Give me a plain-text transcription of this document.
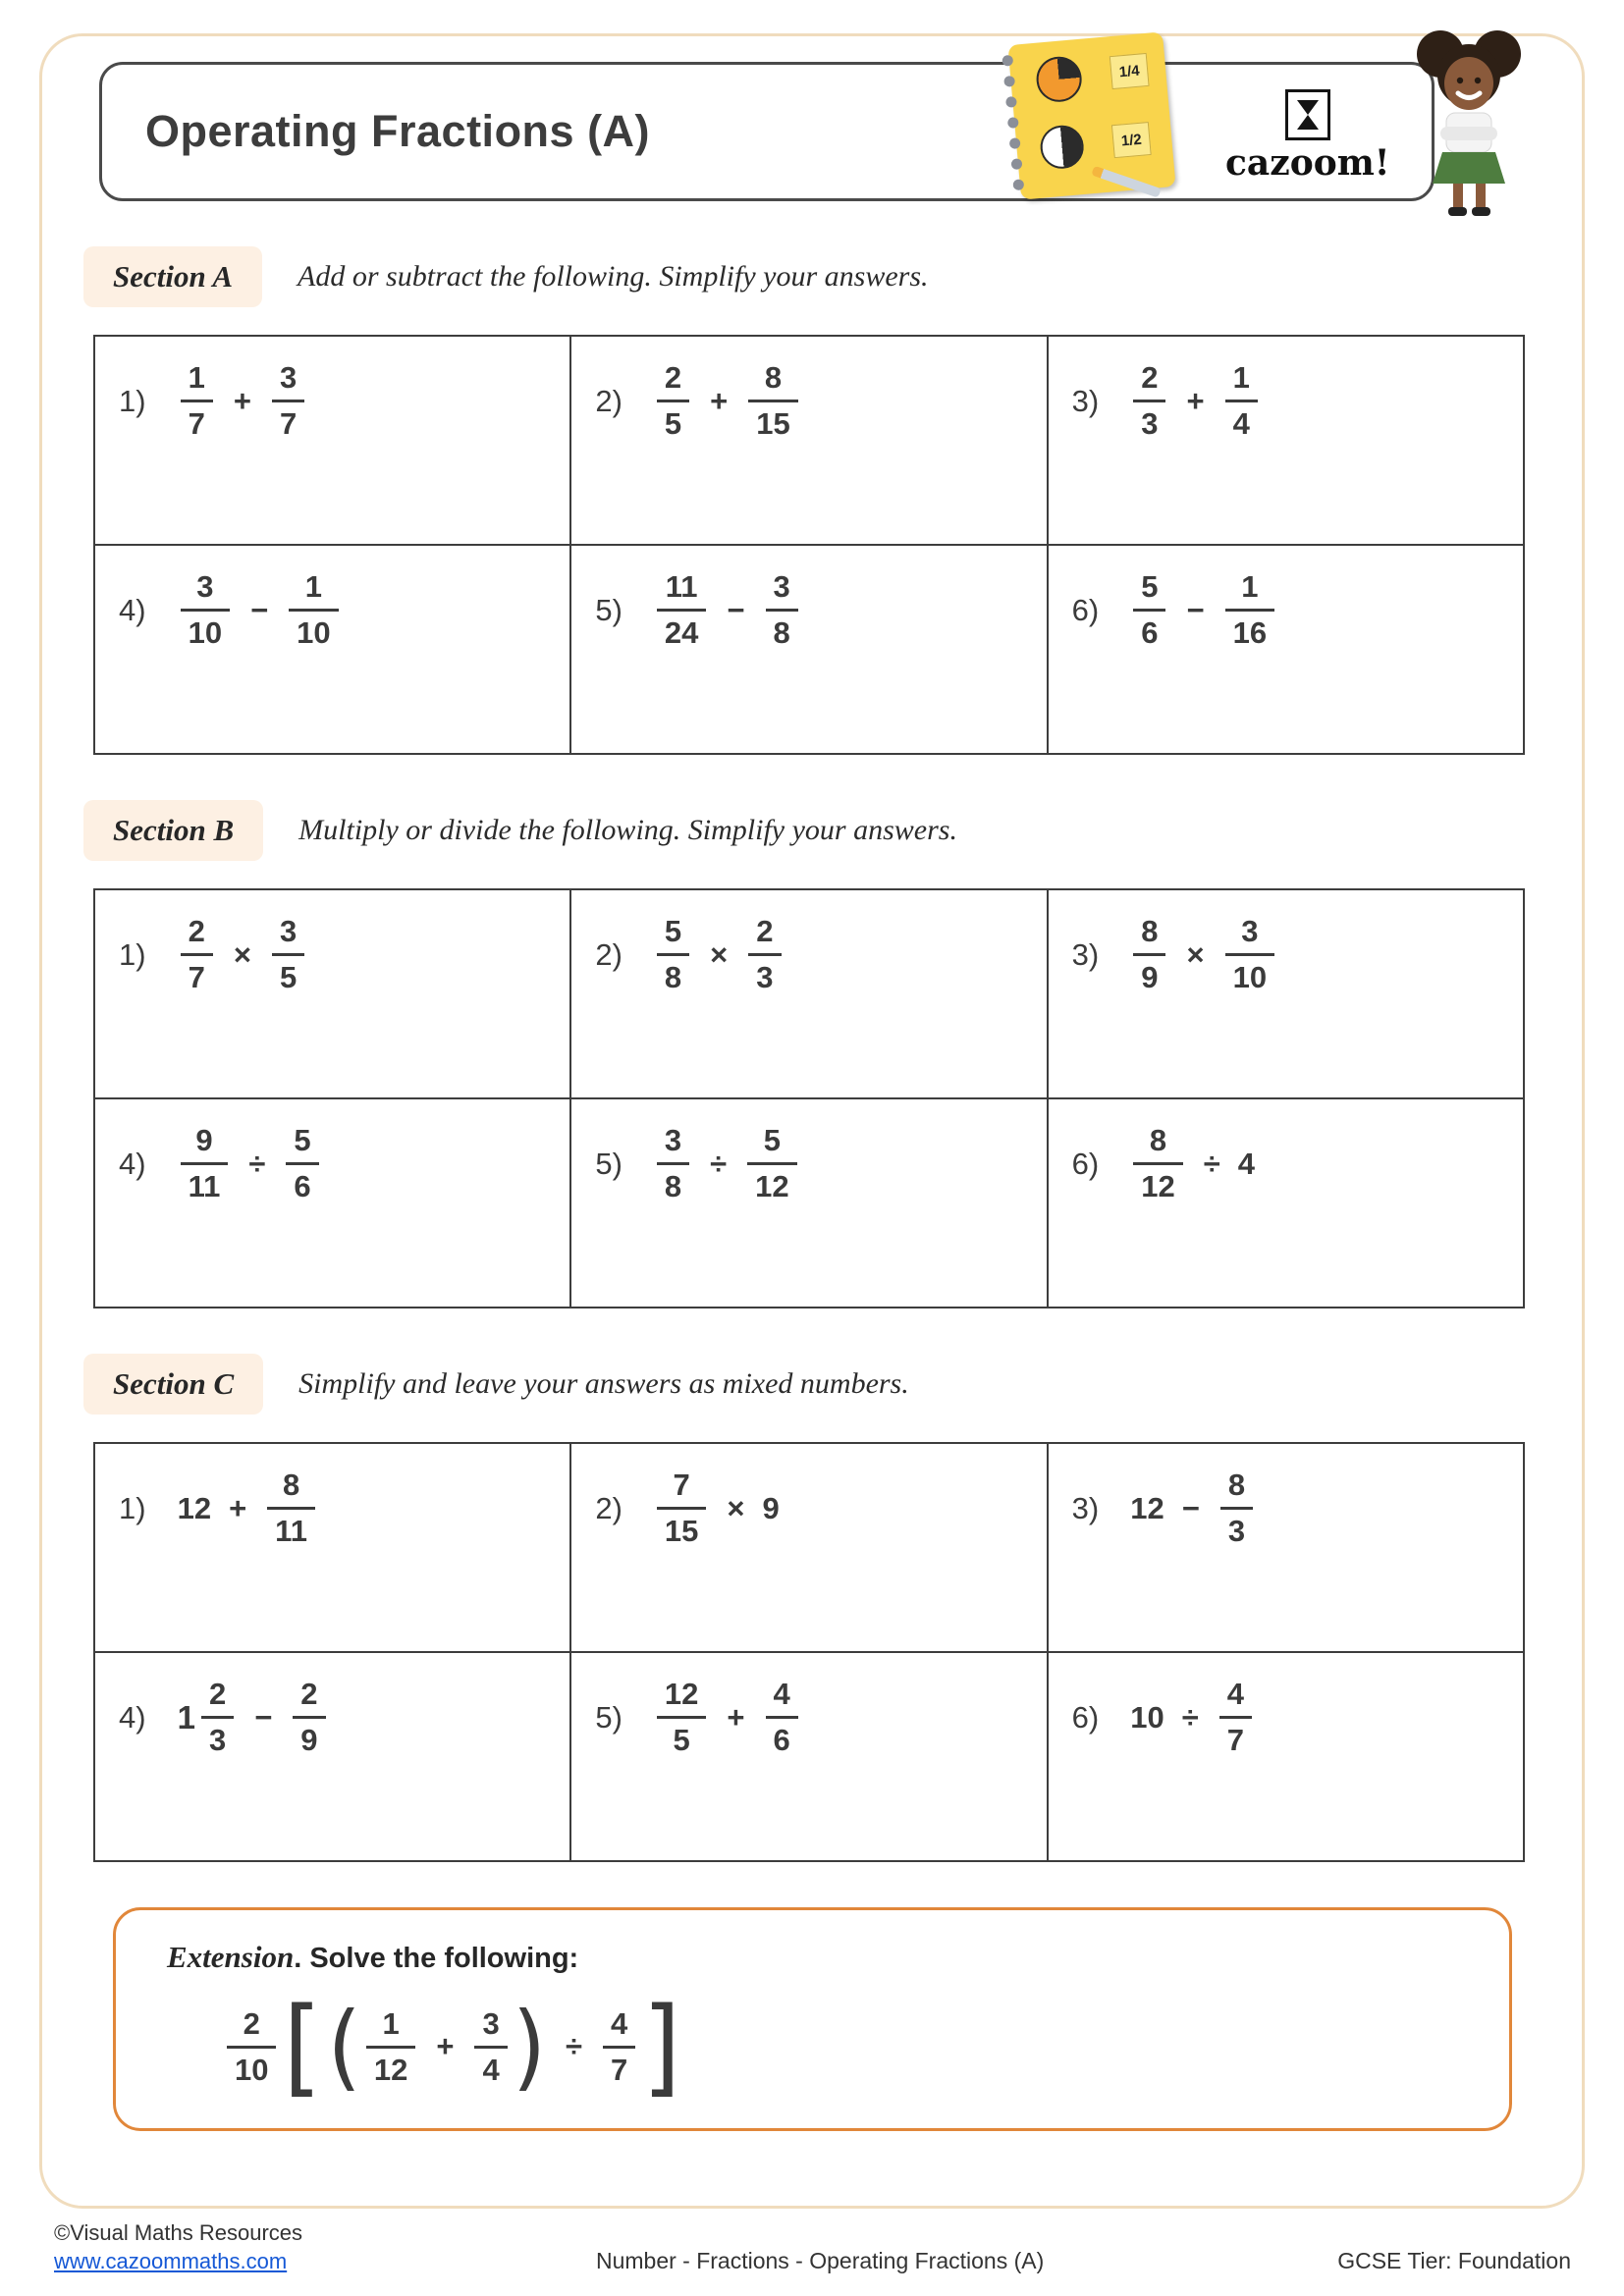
Operating Fractions (A)
1/4
1/2
cazoom!
Section A	Add or subtract the following. Simplify your answers.
$1) \frac{1}{7} + \frac{3}{7}$	$2) \frac{2}{5} + \frac{8}{15}$	$3) \frac{2}{3} + \frac{1}{4}$

$4) \frac{3}{10} - \frac{1}{10}$	$5) \frac{11}{24} - \frac{3}{8}$	$6) \frac{5}{6} - \frac{1}{16}$
Section B	Multiply or divide the following. Simplify your answers.
$1) \frac{2}{7} \times \frac{3}{5}$	$2) \frac{5}{8} \times \frac{2}{3}$	$3) \frac{8}{9} \times \frac{3}{10}$

$4) \frac{9}{11} \div \frac{5}{6}$	$5) \frac{3}{8} \div \frac{5}{12}$	$6) \frac{8}{12} \div 4$
Section C	Simplify and leave your answers as mixed numbers.
1) $12 + \frac{8}{11}$	$2) \frac{7}{15} \times 9$	3) $12 - \frac{8}{3}$

4) $1 \frac{2}{3} - \frac{2}{9}$	$5) \frac{12}{5} + \frac{4}{6}$	6) $10 \div \frac{4}{7}$
Extension. Solve the following:
$\frac{2}{10}$ [ ( $\frac{1}{12} + \frac{3}{4}$ ) ÷ $\frac{4}{7}$ ]
©Visual Maths Resources
www.cazoommaths.com	Number - Fractions - Operating Fractions (A)	GCSE Tier: Foundation
